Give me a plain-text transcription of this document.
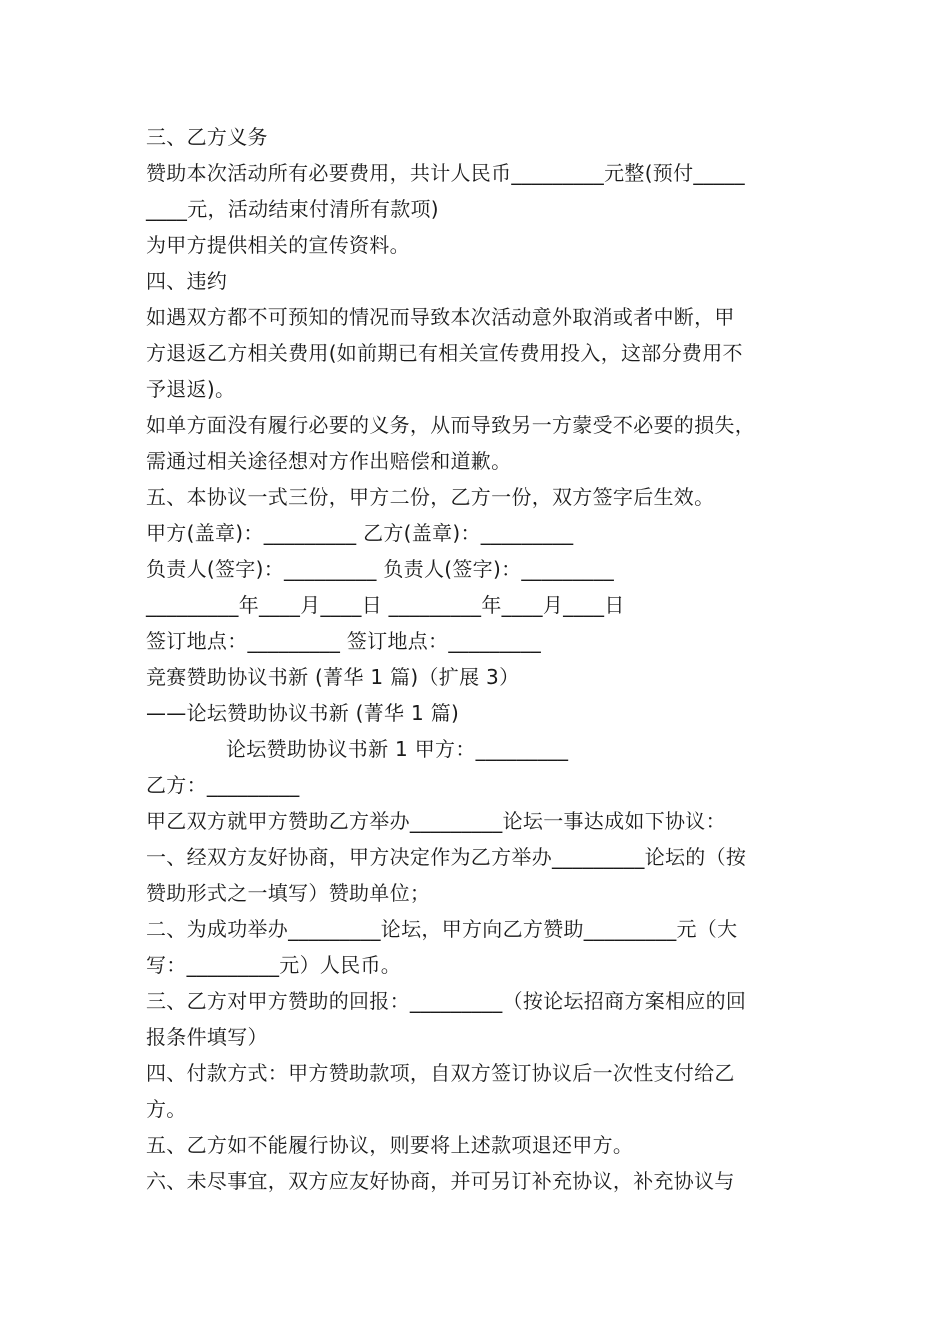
三、乙方义务
赞助本次活动所有必要费用，共计人民币_________元整(预付_____
____元，活动结束付清所有款项)
为甲方提供相关的宣传资料。
四、违约
如遇双方都不可预知的情况而导致本次活动意外取消或者中断，甲
方退返乙方相关费用(如前期已有相关宣传费用投入，这部分费用不
予退返)。
如单方面没有履行必要的义务，从而导致另一方蒙受不必要的损失，
需通过相关途径想对方作出赔偿和道歉。
五、本协议一式三份，甲方二份，乙方一份，双方签字后生效。
甲方(盖章)：_________ 乙方(盖章)：_________
负责人(签字)：_________ 负责人(签字)：_________
_________年____月____日 _________年____月____日
签订地点：_________ 签订地点：_________
竞赛赞助协议书新 (菁华 1 篇)（扩展 3）
——论坛赞助协议书新 (菁华 1 篇)
论坛赞助协议书新 1 甲方：_________
乙方：_________
甲乙双方就甲方赞助乙方举办_________论坛一事达成如下协议：
一、经双方友好协商，甲方决定作为乙方举办_________论坛的（按
赞助形式之一填写）赞助单位；
二、为成功举办_________论坛，甲方向乙方赞助_________元（大
写：_________元）人民币。
三、乙方对甲方赞助的回报：_________（按论坛招商方案相应的回
报条件填写）
四、付款方式：甲方赞助款项，自双方签订协议后一次性支付给乙
方。
五、乙方如不能履行协议，则要将上述款项退还甲方。
六、未尽事宜，双方应友好协商，并可另订补充协议，补充协议与
